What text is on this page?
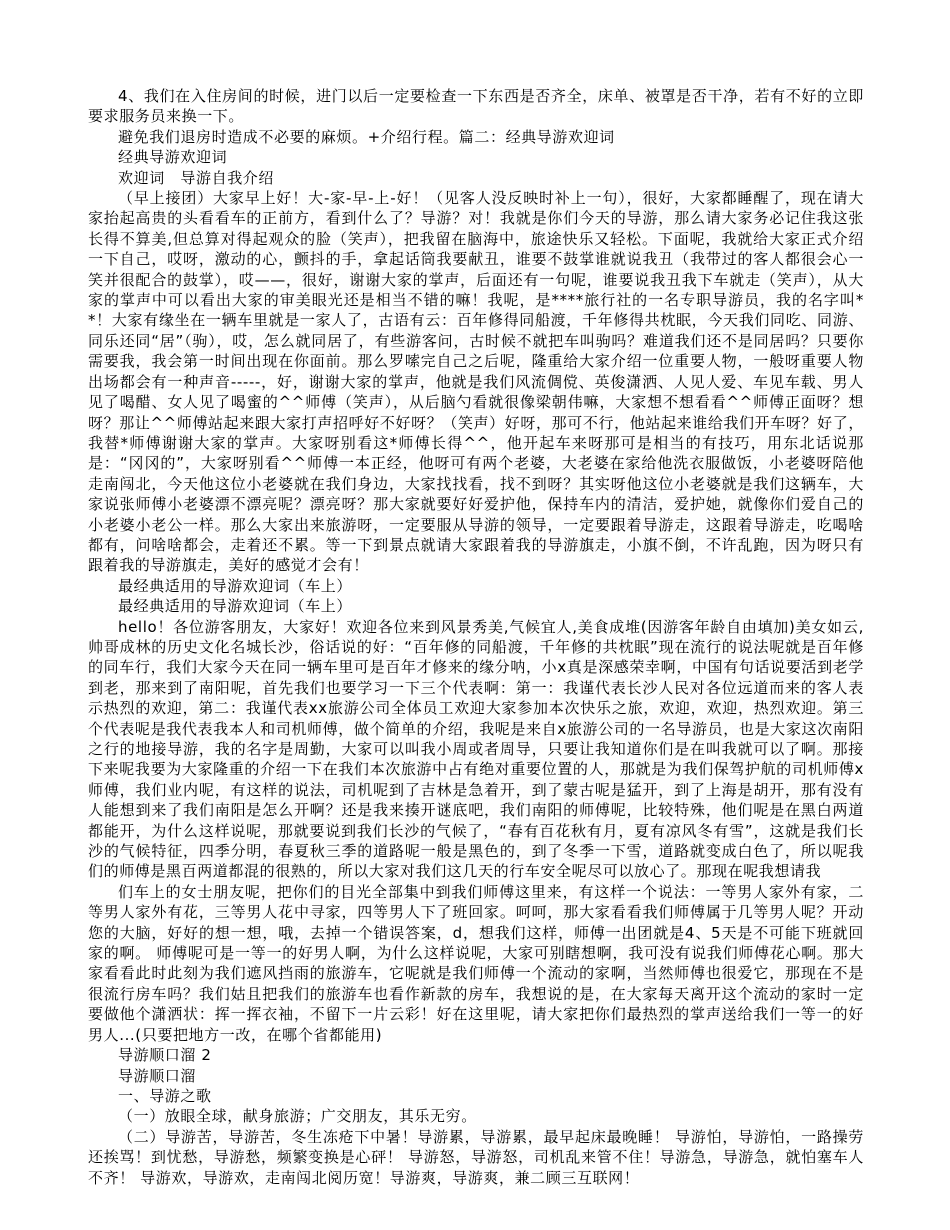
4、我们在入住房间的时候，进门以后一定要检查一下东西是否齐全，床单、被罩是否干净，若有不好的立即要求服务员来换一下。

避免我们退房时造成不必要的麻烦。+介绍行程。篇二：经典导游欢迎词

经典导游欢迎词

欢迎词　导游自我介绍

（早上接团）大家早上好！大-家-早-上-好！（见客人没反映时补上一句），很好，大家都睡醒了，现在请大家抬起高贵的头看看车的正前方，看到什么了？导游？对！我就是你们今天的导游，那么请大家务必记住我这张长得不算美,但总算对得起观众的脸（笑声），把我留在脑海中，旅途快乐又轻松。下面呢，我就给大家正式介绍一下自己，哎呀，激动的心，颤抖的手，拿起话筒我要献丑，谁要不鼓掌谁就说我丑（我带过的客人都很会心一笑并很配合的鼓掌），哎——，很好，谢谢大家的掌声，后面还有一句呢，谁要说我丑我下车就走（笑声），从大家的掌声中可以看出大家的审美眼光还是相当不错的嘛！我呢，是****旅行社的一名专职导游员，我的名字叫**！大家有缘坐在一辆车里就是一家人了，古语有云：百年修得同船渡，千年修得共枕眠，今天我们同吃、同游、同乐还同“居”（驹），哎，怎么就同居了，有些游客问，古时候不就把车叫驹吗？难道我们还不是同居吗？只要你需要我，我会第一时间出现在你面前。那么罗嗦完自己之后呢，隆重给大家介绍一位重要人物，一般呀重要人物出场都会有一种声音-----，好，谢谢大家的掌声，他就是我们风流倜傥、英俊潇洒、人见人爱、车见车载、男人见了喝醋、女人见了喝蜜的^^师傅（笑声），从后脑勺看就很像梁朝伟嘛，大家想不想看看^^师傅正面呀？想呀？那让^^师傅站起来跟大家打声招呼好不好呀？（笑声）好呀，那可不行，他站起来谁给我们开车呀？好了，我替*师傅谢谢大家的掌声。大家呀别看这*师傅长得^^，他开起车来呀那可是相当的有技巧，用东北话说那是：“冈冈的”，大家呀别看^^师傅一本正经，他呀可有两个老婆，大老婆在家给他洗衣服做饭，小老婆呀陪他走南闯北，今天他这位小老婆就在我们身边，大家找找看，找不到呀？其实呀他这位小老婆就是我们这辆车，大家说张师傅小老婆漂不漂亮呢？漂亮呀？那大家就要好好爱护他，保持车内的清洁，爱护她，就像你们爱自己的小老婆小老公一样。那么大家出来旅游呀，一定要服从导游的领导，一定要跟着导游走，这跟着导游走，吃喝啥都有，问啥啥都会，走着还不累。等一下到景点就请大家跟着我的导游旗走，小旗不倒，不许乱跑，因为呀只有跟着我的导游旗走，美好的感觉才会有！

最经典适用的导游欢迎词（车上）

最经典适用的导游欢迎词（车上）

hello！各位游客朋友，大家好！欢迎各位来到风景秀美,气候宜人,美食成堆(因游客年龄自由填加)美女如云,帅哥成林的历史文化名城长沙，俗话说的好：“百年修的同船渡，千年修的共枕眠”现在流行的说法呢就是百年修的同车行，我们大家今天在同一辆车里可是百年才修来的缘分呐，小x真是深感荣幸啊，中国有句话说要活到老学到老，那来到了南阳呢，首先我们也要学习一下三个代表啊：第一：我谨代表长沙人民对各位远道而来的客人表示热烈的欢迎，第二：我谨代表xx旅游公司全体员工欢迎大家参加本次快乐之旅，欢迎，欢迎，热烈欢迎。第三个代表呢是我代表我本人和司机师傅，做个简单的介绍，我呢是来自x旅游公司的一名导游员，也是大家这次南阳之行的地接导游，我的名字是周勤，大家可以叫我小周或者周导，只要让我知道你们是在叫我就可以了啊。那接下来呢我要为大家隆重的介绍一下在我们本次旅游中占有绝对重要位置的人，那就是为我们保驾护航的司机师傅x师傅，我们业内呢，有这样的说法，司机呢到了吉林是急着开，到了蒙古呢是猛开，到了上海是胡开，那有没有人能想到来了我们南阳是怎么开啊？还是我来揍开谜底吧，我们南阳的师傅呢，比较特殊，他们呢是在黑白两道都能开，为什么这样说呢，那就要说到我们长沙的气候了，“春有百花秋有月，夏有凉风冬有雪”，这就是我们长沙的气候特征，四季分明，春夏秋三季的道路呢一般是黑色的，到了冬季一下雪，道路就变成白色了，所以呢我们的师傅是黑百两道都混的很熟的，所以大家对我们这几天的行车安全呢尽可以放心了。那现在呢我想请我

们车上的女士朋友呢，把你们的目光全部集中到我们师傅这里来，有这样一个说法：一等男人家外有家，二等男人家外有花，三等男人花中寻家，四等男人下了班回家。呵呵，那大家看看我们师傅属于几等男人呢？开动您的大脑，好好的想一想，哦，去掉一个错误答案，d，想我们这样，师傅一出团就是4、5天是不可能下班就回家的啊。 师傅呢可是一等一的好男人啊，为什么这样说呢，大家可别瞎想啊，我可没有说我们师傅花心啊。那大家看看此时此刻为我们遮风挡雨的旅游车，它呢就是我们师傅一个流动的家啊，当然师傅也很爱它，那现在不是很流行房车吗？我们姑且把我们的旅游车也看作新款的房车，我想说的是，在大家每天离开这个流动的家时一定要做他个潇洒状：挥一挥衣袖，不留下一片云彩！好在这里呢，请大家把你们最热烈的掌声送给我们一等一的好男人...(只要把地方一改，在哪个省都能用)

导游顺口溜 2

导游顺口溜

一、导游之歌

（一）放眼全球，献身旅游；广交朋友，其乐无穷。

（二）导游苦，导游苦，冬生冻疮下中暑！导游累，导游累，最早起床最晚睡！ 导游怕，导游怕，一路操劳还挨骂！到忧愁，导游愁，频繁变换是心砰！ 导游怒，导游怒，司机乱来管不住！导游急，导游急，就怕塞车人不齐！ 导游欢，导游欢，走南闯北阅历宽！导游爽，导游爽，兼二顾三互联网！
